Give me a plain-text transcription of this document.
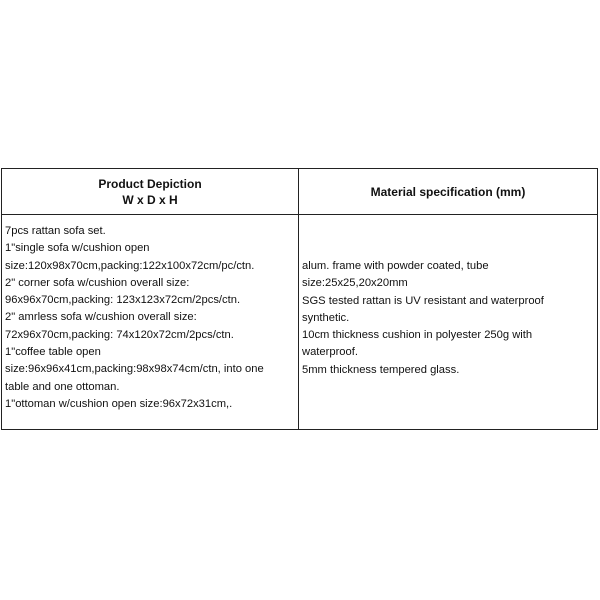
Product Depiction
W x D x H
Material specification (mm)
7pcs rattan sofa set.
1"single sofa w/cushion open
size:120x98x70cm,packing:122x100x72cm/pc/ctn.
2" corner sofa w/cushion overall size:
96x96x70cm,packing: 123x123x72cm/2pcs/ctn.
2" amrless sofa w/cushion overall size:
72x96x70cm,packing: 74x120x72cm/2pcs/ctn.
1"coffee table open
size:96x96x41cm,packing:98x98x74cm/ctn, into one
table and one ottoman.
1"ottoman w/cushion open size:96x72x31cm,.
alum. frame with powder coated, tube
size:25x25,20x20mm
SGS tested rattan is UV resistant and waterproof
synthetic.
10cm thickness cushion in polyester 250g with
waterproof.
5mm thickness tempered glass.
